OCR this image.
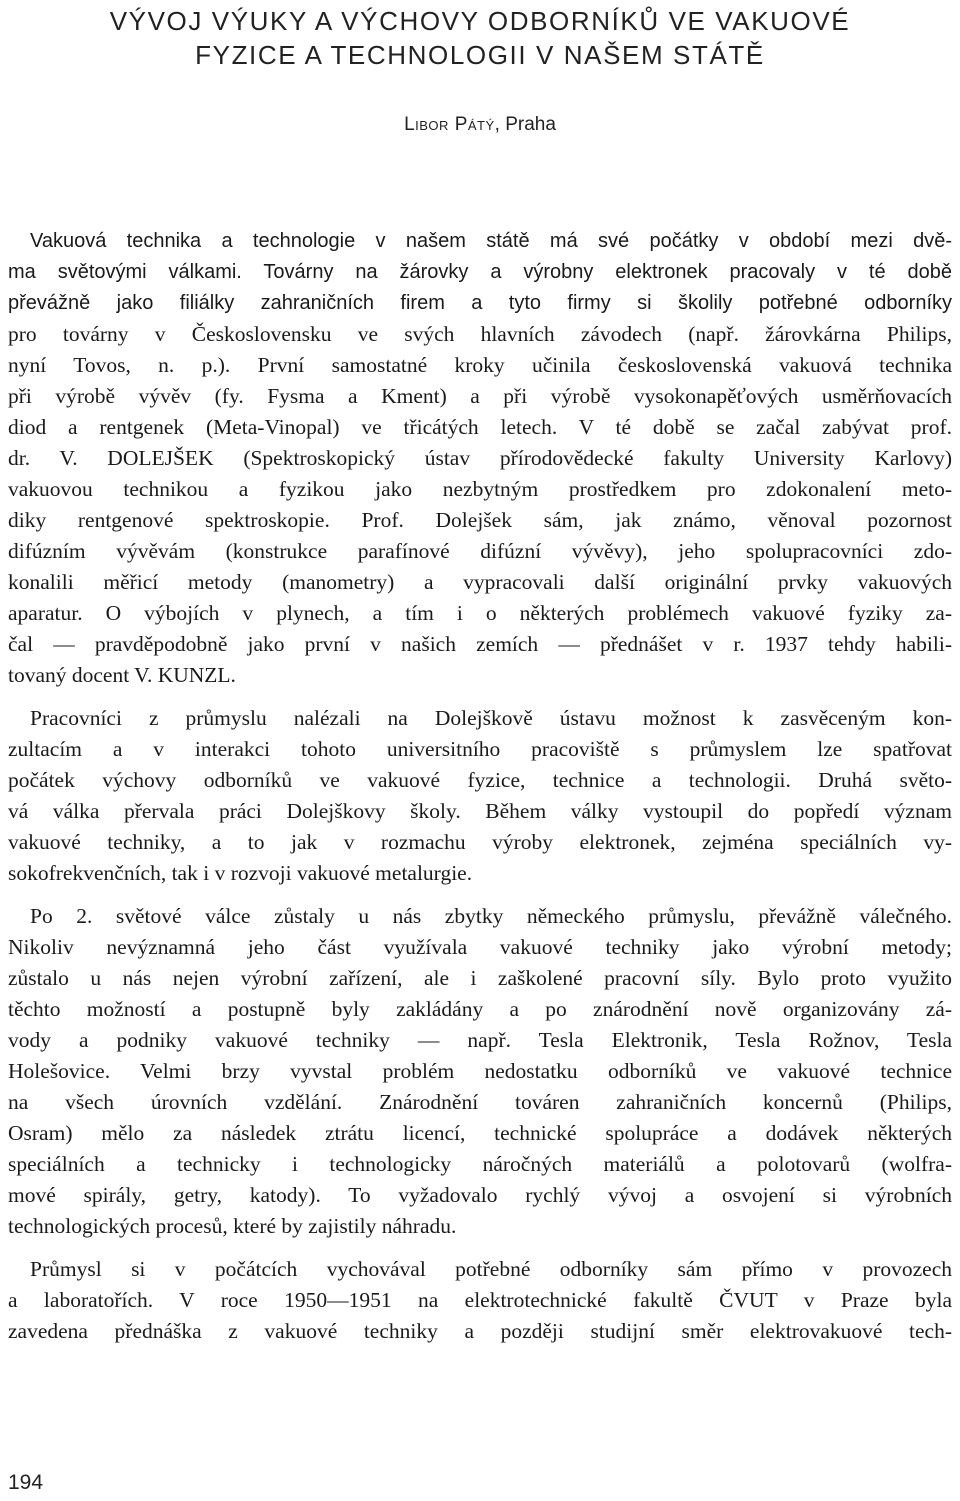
VÝVOJ VÝUKY A VÝCHOVY ODBORNÍKŮ VE VAKUOVÉ
FYZICE A TECHNOLOGII V NAŠEM STÁTĚ
Libor Pátý, Praha
Vakuová technika a technologie v našem státě má své počátky v období mezi dvě-
ma světovými válkami. Továrny na žárovky a výrobny elektronek pracovaly v té době
převážně jako filiálky zahraničních firem a tyto firmy si školily potřebné odborníky
pro továrny v Československu ve svých hlavních závodech (např. žárovkárna Philips,
nyní Tovos, n. p.). První samostatné kroky učinila československá vakuová technika
při výrobě vývěv (fy. Fysma a Kment) a při výrobě vysokonapěťových usměrňovacích
diod a rentgenek (Meta-Vinopal) ve třicátých letech. V té době se začal zabývat prof.
dr. V. DOLEJŠEK (Spektroskopický ústav přírodovědecké fakulty University Karlovy)
vakuovou technikou a fyzikou jako nezbytným prostředkem pro zdokonalení meto-
diky rentgenové spektroskopie. Prof. Dolejšek sám, jak známo, věnoval pozornost
difúzním vývěvám (konstrukce parafínové difúzní vývěvy), jeho spolupracovníci zdo-
konalili měřicí metody (manometry) a vypracovali další originální prvky vakuových
aparatur. O výbojích v plynech, a tím i o některých problémech vakuové fyziky za-
čal — pravděpodobně jako první v našich zemích — přednášet v r. 1937 tehdy habili-
tovaný docent V. KUNZL.
Pracovníci z průmyslu nalézali na Dolejškově ústavu možnost k zasvěceným kon-
zultacím a v interakci tohoto universitního pracoviště s průmyslem lze spatřovat
počátek výchovy odborníků ve vakuové fyzice, technice a technologii. Druhá světo-
vá válka přervala práci Dolejškovy školy. Během války vystoupil do popředí význam
vakuové techniky, a to jak v rozmachu výroby elektronek, zejména speciálních vy-
sokofrekvenčních, tak i v rozvoji vakuové metalurgie.
Po 2. světové válce zůstaly u nás zbytky německého průmyslu, převážně válečného.
Nikoliv nevýznamná jeho část využívala vakuové techniky jako výrobní metody;
zůstalo u nás nejen výrobní zařízení, ale i zaškolené pracovní síly. Bylo proto využito
těchto možností a postupně byly zakládány a po znárodnění nově organizovány zá-
vody a podniky vakuové techniky — např. Tesla Elektronik, Tesla Rožnov, Tesla
Holešovice. Velmi brzy vyvstal problém nedostatku odborníků ve vakuové technice
na všech úrovních vzdělání. Znárodnění továren zahraničních koncernů (Philips,
Osram) mělo za následek ztrátu licencí, technické spolupráce a dodávek některých
speciálních a technicky i technologicky náročných materiálů a polotovarů (wolfra-
mové spirály, getry, katody). To vyžadovalo rychlý vývoj a osvojení si výrobních
technologických procesů, které by zajistily náhradu.
Průmysl si v počátcích vychovával potřebné odborníky sám přímo v provozech
a laboratořích. V roce 1950—1951 na elektrotechnické fakultě ČVUT v Praze byla
zavedena přednáška z vakuové techniky a později studijní směr elektrovakuové tech-
194
